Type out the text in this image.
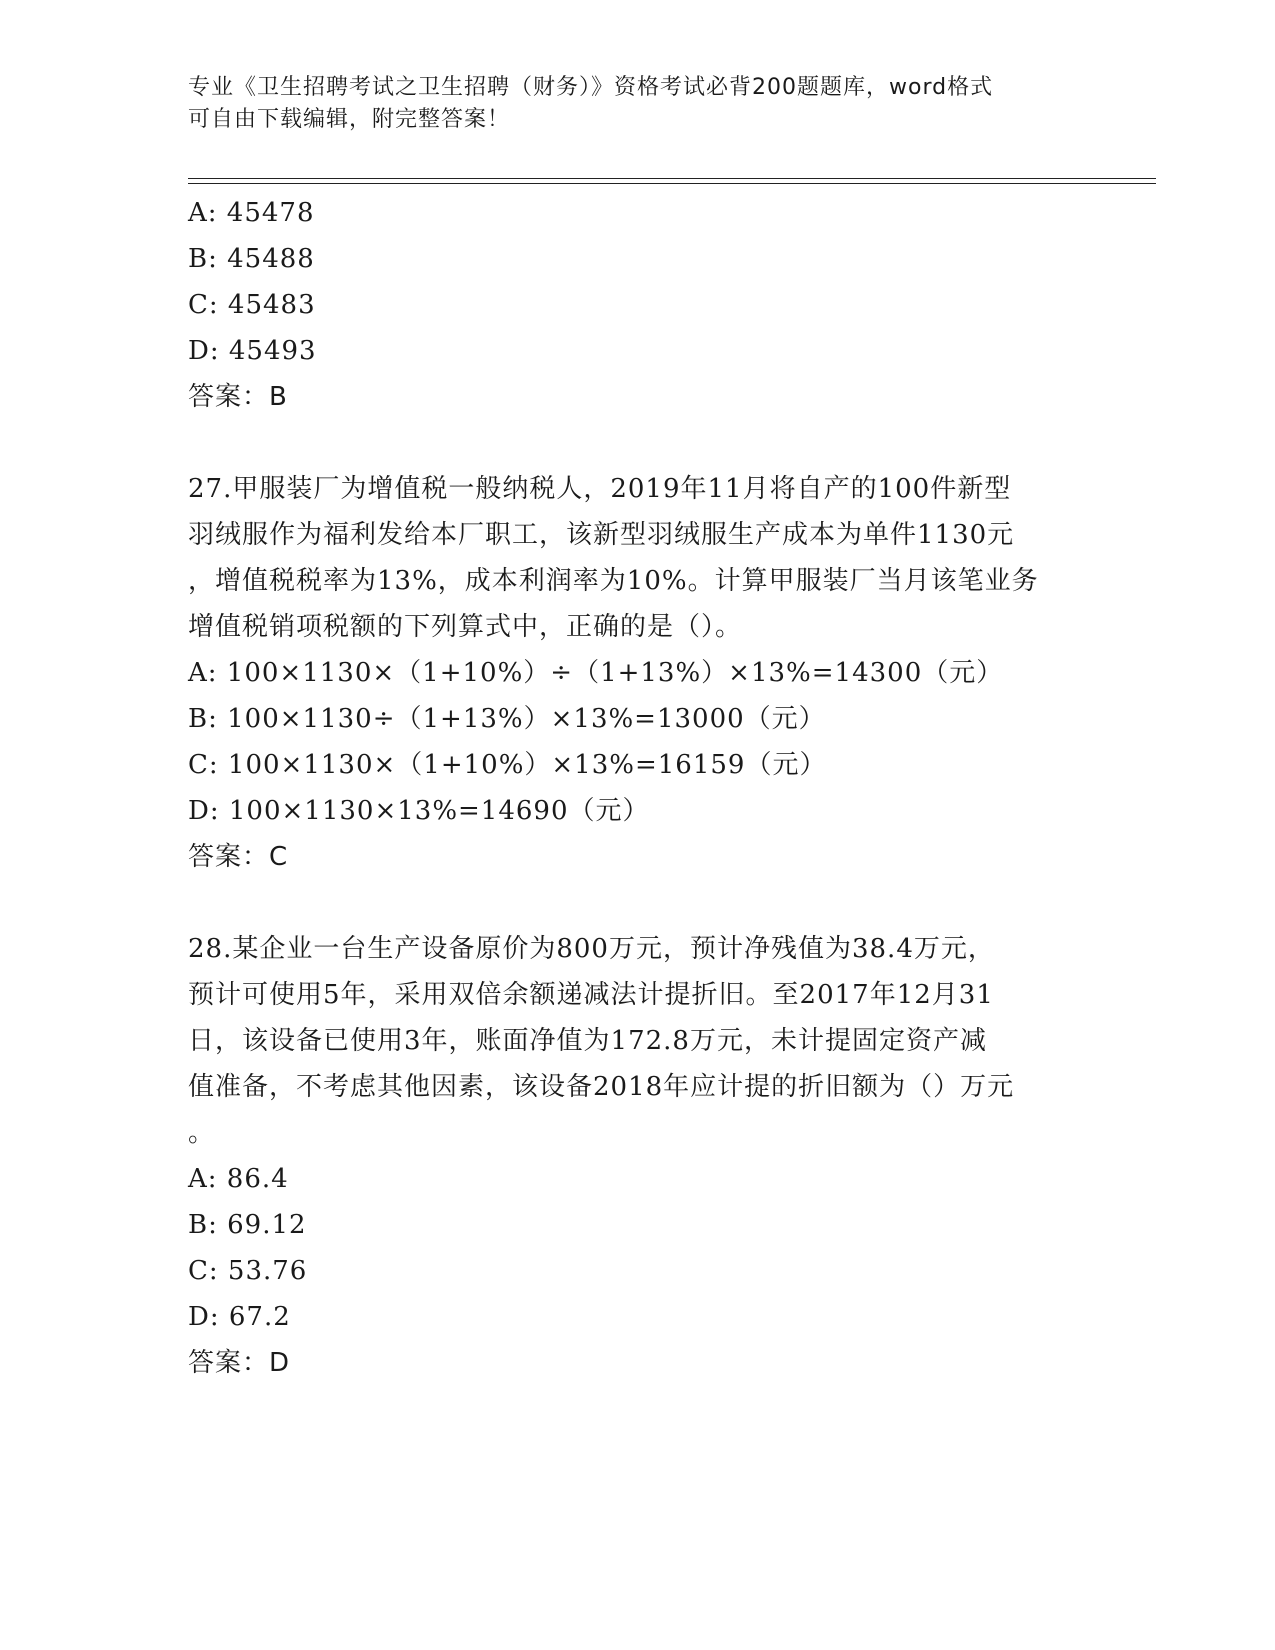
专业《卫生招聘考试之卫生招聘（财务）》资格考试必背200题题库，word格式
可自由下载编辑，附完整答案！
A: 45478
B: 45488
C: 45483
D: 45493
答案：B
27.甲服装厂为增值税一般纳税人，2019年11月将自产的100件新型
羽绒服作为福利发给本厂职工，该新型羽绒服生产成本为单件1130元
，增值税税率为13%，成本利润率为10%。计算甲服装厂当月该笔业务
增值税销项税额的下列算式中，正确的是（）。
A: 100×1130×（1+10%）÷（1+13%）×13%=14300（元）
B: 100×1130÷（1+13%）×13%=13000（元）
C: 100×1130×（1+10%）×13%=16159（元）
D: 100×1130×13%=14690（元）
答案：C
28.某企业一台生产设备原价为800万元，预计净残值为38.4万元，
预计可使用5年，采用双倍余额递减法计提折旧。至2017年12月31
日，该设备已使用3年，账面净值为172.8万元，未计提固定资产减
值准备，不考虑其他因素，该设备2018年应计提的折旧额为（）万元
。
A: 86.4
B: 69.12
C: 53.76
D: 67.2
答案：D
